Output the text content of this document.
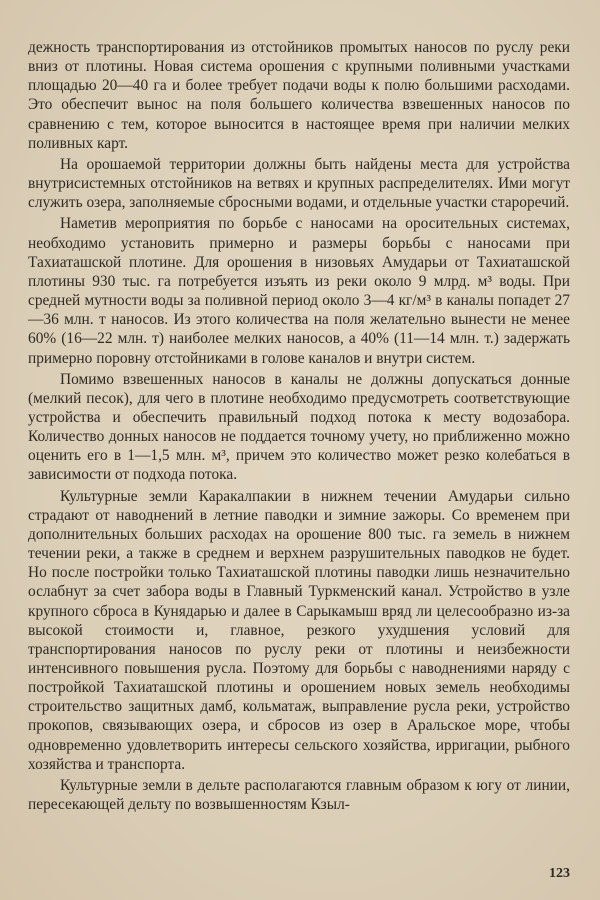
дежность транспортирования из отстойников промытых наносов по руслу реки вниз от плотины. Новая система орошения с крупными поливными участками площадью 20—40 га и более требует подачи воды к полю большими расходами. Это обеспечит вынос на поля большего количества взвешенных наносов по сравнению с тем, которое выносится в настоящее время при наличии мелких поливных карт.

На орошаемой территории должны быть найдены места для устройства внутрисистемных отстойников на ветвях и крупных распределителях. Ими могут служить озера, заполняемые сбросными водами, и отдельные участки староречий.

Наметив мероприятия по борьбе с наносами на оросительных системах, необходимо установить примерно и размеры борьбы с наносами при Тахиаташской плотине. Для орошения в низовьях Амударьи от Тахиаташской плотины 930 тыс. га потребуется изъять из реки около 9 млрд. м³ воды. При средней мутности воды за поливной период около 3—4 кг/м³ в каналы попадет 27—36 млн. т наносов. Из этого количества на поля желательно вынести не менее 60% (16—22 млн. т) наиболее мелких наносов, а 40% (11—14 млн. т.) задержать примерно поровну отстойниками в голове каналов и внутри систем.

Помимо взвешенных наносов в каналы не должны допускаться донные (мелкий песок), для чего в плотине необходимо предусмотреть соответствующие устройства и обеспечить правильный подход потока к месту водозабора. Количество донных наносов не поддается точному учету, но приближенно можно оценить его в 1—1,5 млн. м³, причем это количество может резко колебаться в зависимости от подхода потока.

Культурные земли Каракалпакии в нижнем течении Амударьи сильно страдают от наводнений в летние паводки и зимние зажоры. Со временем при дополнительных больших расходах на орошение 800 тыс. га земель в нижнем течении реки, а также в среднем и верхнем разрушительных паводков не будет. Но после постройки только Тахиаташской плотины паводки лишь незначительно ослабнут за счет забора воды в Главный Туркменский канал. Устройство в узле крупного сброса в Кунядарью и далее в Сарыкамыш вряд ли целесообразно из-за высокой стоимости и, главное, резкого ухудшения условий для транспортирования наносов по руслу реки от плотины и неизбежности интенсивного повышения русла. Поэтому для борьбы с наводнениями наряду с постройкой Тахиаташской плотины и орошением новых земель необходимы строительство защитных дамб, кольматаж, выправление русла реки, устройство прокопов, связывающих озера, и сбросов из озер в Аральское море, чтобы одновременно удовлетворить интересы сельского хозяйства, ирригации, рыбного хозяйства и транспорта.

Культурные земли в дельте располагаются главным образом к югу от линии, пересекающей дельту по возвышенностям Кзыл-

123
